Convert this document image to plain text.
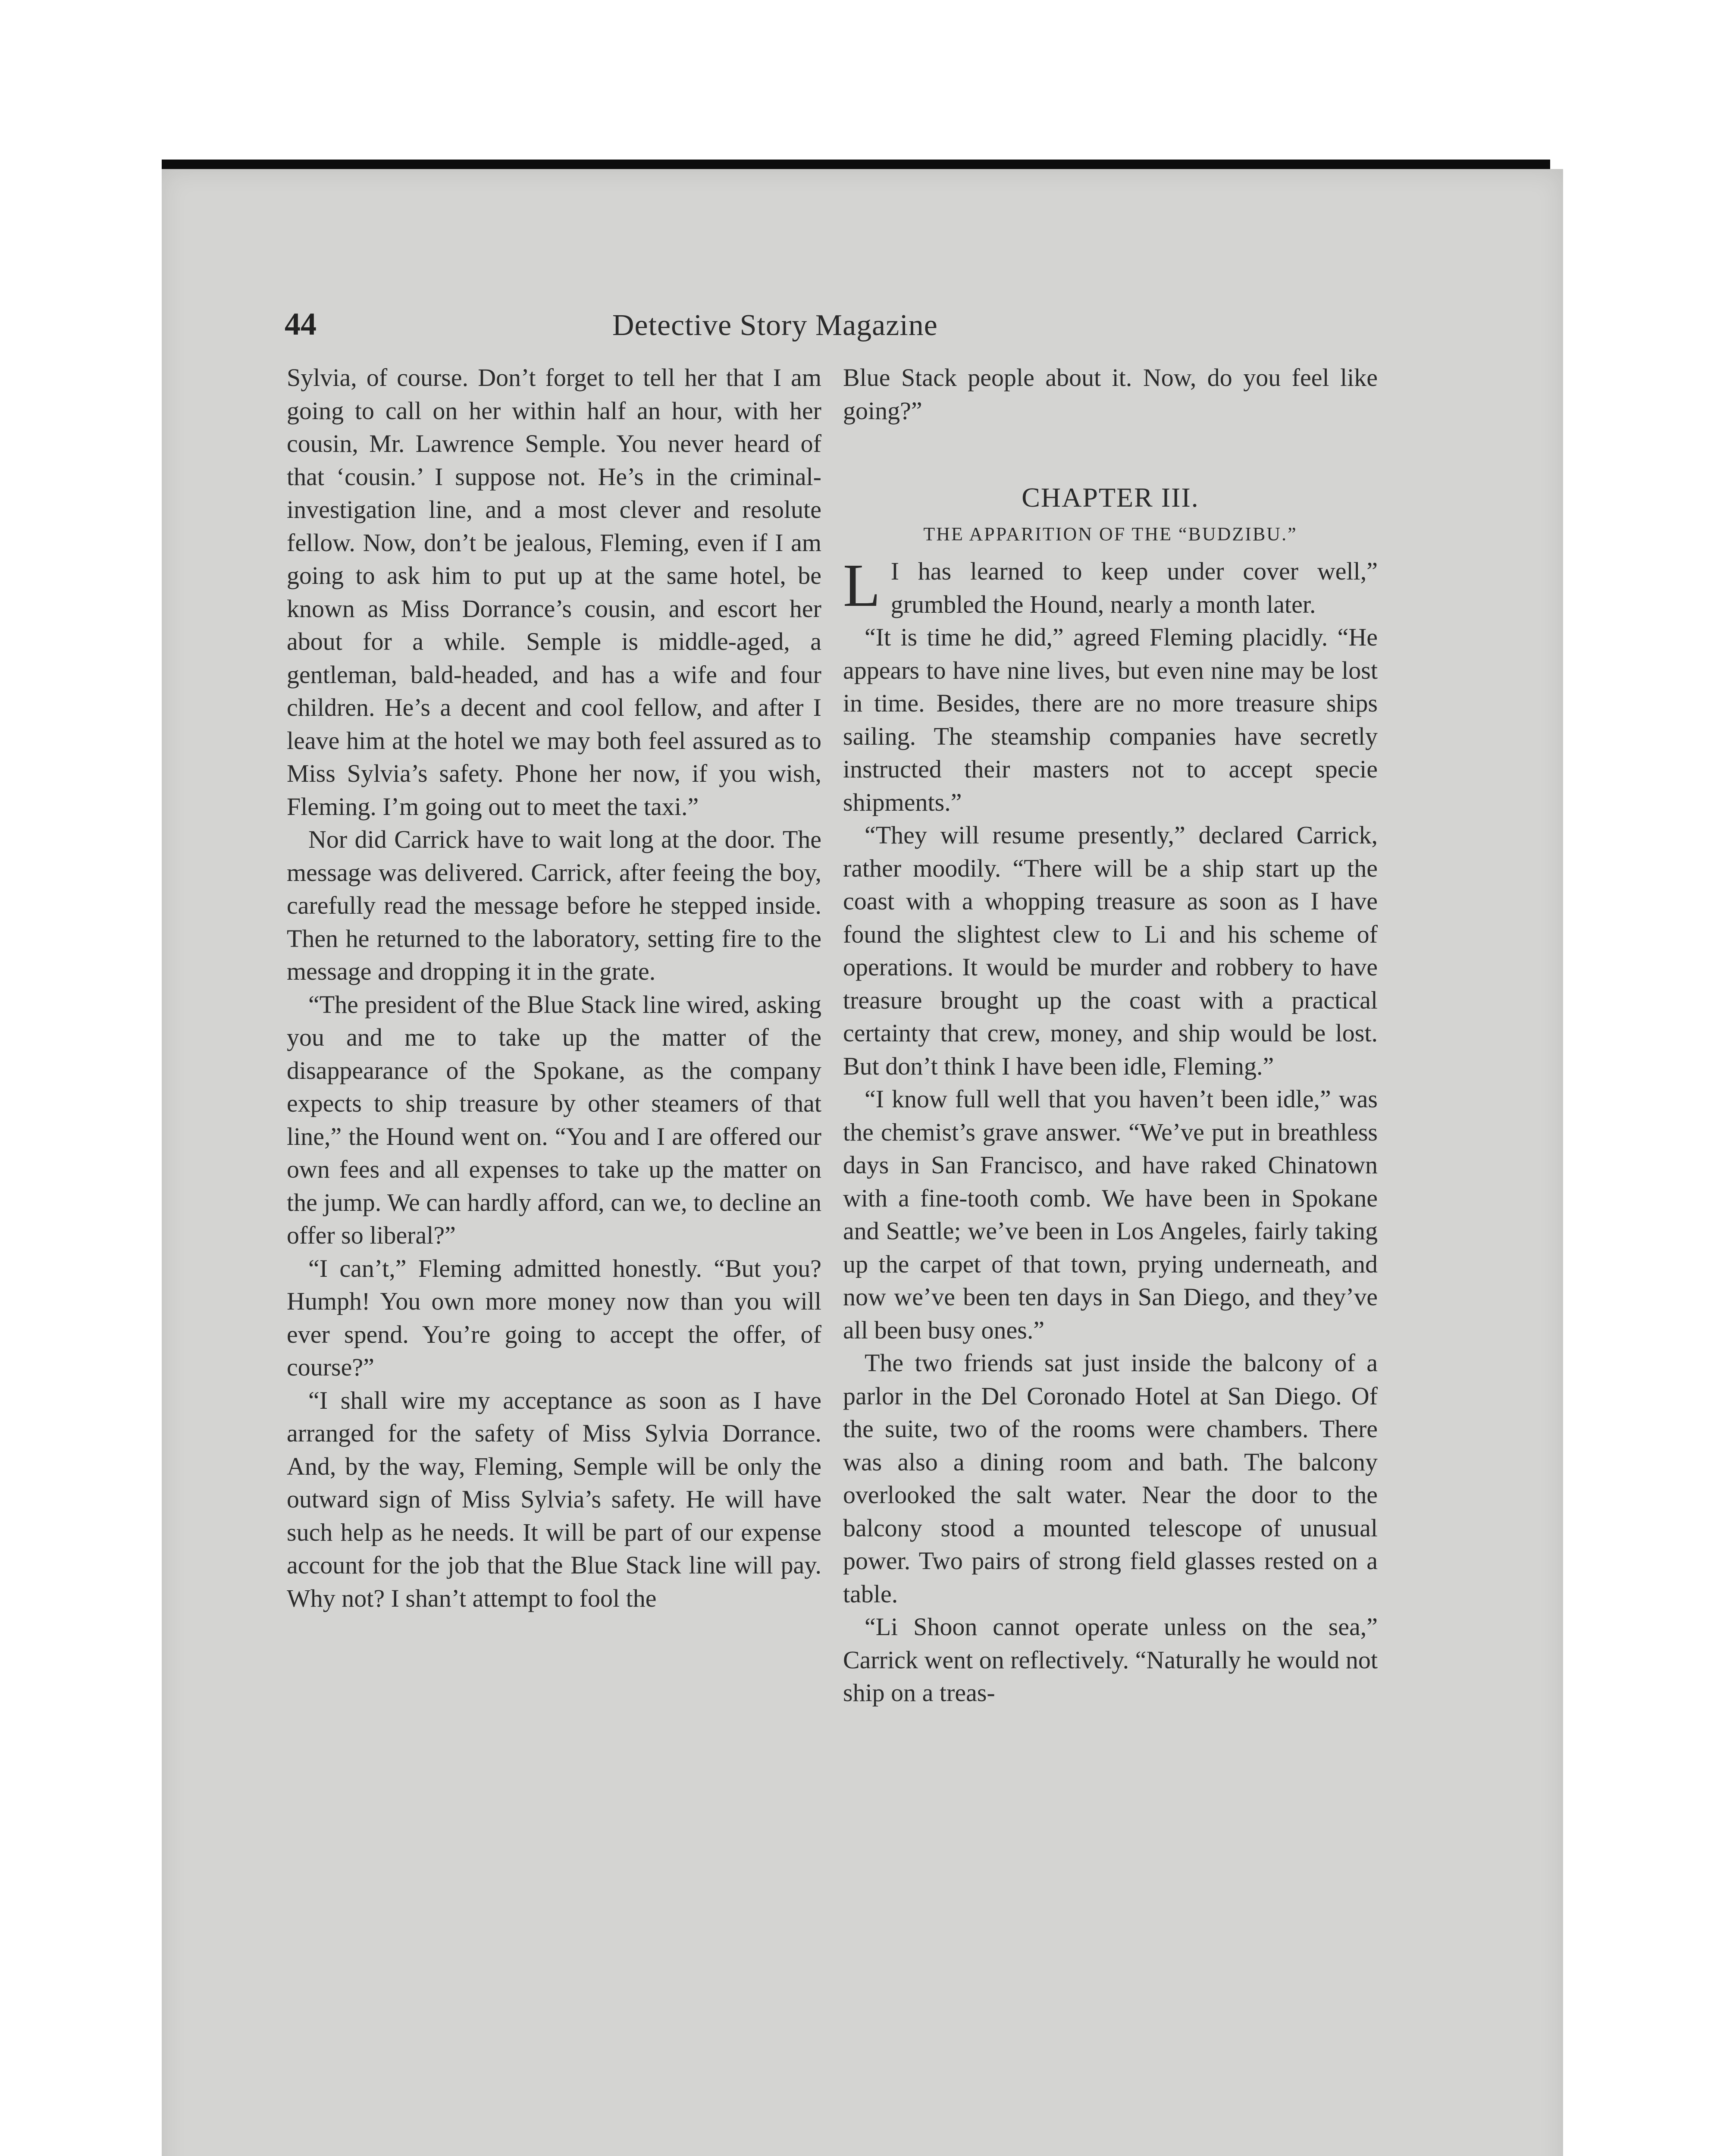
44	Detective Story Magazine

Sylvia, of course. Don’t forget to tell her that I am going to call on her within half an hour, with her cousin, Mr. Lawrence Semple. You never heard of that ‘cousin.’ I suppose not. He’s in the criminal-investigation line, and a most clever and resolute fellow. Now, don’t be jealous, Fleming, even if I am going to ask him to put up at the same hotel, be known as Miss Dorrance’s cousin, and escort her about for a while. Semple is middle-aged, a gentleman, bald-headed, and has a wife and four children. He’s a decent and cool fellow, and after I leave him at the hotel we may both feel assured as to Miss Sylvia’s safety. Phone her now, if you wish, Fleming. I’m going out to meet the taxi.”

Nor did Carrick have to wait long at the door. The message was delivered. Carrick, after feeing the boy, carefully read the message before he stepped inside. Then he returned to the laboratory, setting fire to the message and dropping it in the grate.

“The president of the Blue Stack line wired, asking you and me to take up the matter of the disappearance of the Spokane, as the company expects to ship treasure by other steamers of that line,” the Hound went on. “You and I are offered our own fees and all expenses to take up the matter on the jump. We can hardly afford, can we, to decline an offer so liberal?”

“I can’t,” Fleming admitted honestly. “But you? Humph! You own more money now than you will ever spend. You’re going to accept the offer, of course?”

“I shall wire my acceptance as soon as I have arranged for the safety of Miss Sylvia Dorrance. And, by the way, Fleming, Semple will be only the outward sign of Miss Sylvia’s safety. He will have such help as he needs. It will be part of our expense account for the job that the Blue Stack line will pay. Why not? I shan’t attempt to fool the

Blue Stack people about it. Now, do you feel like going?”

CHAPTER III.
THE APPARITION OF THE “BUDZIBU.”

L I has learned to keep under cover well,” grumbled the Hound, nearly a month later.

“It is time he did,” agreed Fleming placidly. “He appears to have nine lives, but even nine may be lost in time. Besides, there are no more treasure ships sailing. The steamship companies have secretly instructed their masters not to accept specie shipments.”

“They will resume presently,” declared Carrick, rather moodily. “There will be a ship start up the coast with a whopping treasure as soon as I have found the slightest clew to Li and his scheme of operations. It would be murder and robbery to have treasure brought up the coast with a practical certainty that crew, money, and ship would be lost. But don’t think I have been idle, Fleming.”

“I know full well that you haven’t been idle,” was the chemist’s grave answer. “We’ve put in breathless days in San Francisco, and have raked Chinatown with a fine-tooth comb. We have been in Spokane and Seattle; we’ve been in Los Angeles, fairly taking up the carpet of that town, prying underneath, and now we’ve been ten days in San Diego, and they’ve all been busy ones.”

The two friends sat just inside the balcony of a parlor in the Del Coronado Hotel at San Diego. Of the suite, two of the rooms were chambers. There was also a dining room and bath. The balcony overlooked the salt water. Near the door to the balcony stood a mounted telescope of unusual power. Two pairs of strong field glasses rested on a table.

“Li Shoon cannot operate unless on the sea,” Carrick went on reflectively. “Naturally he would not ship on a treas-
